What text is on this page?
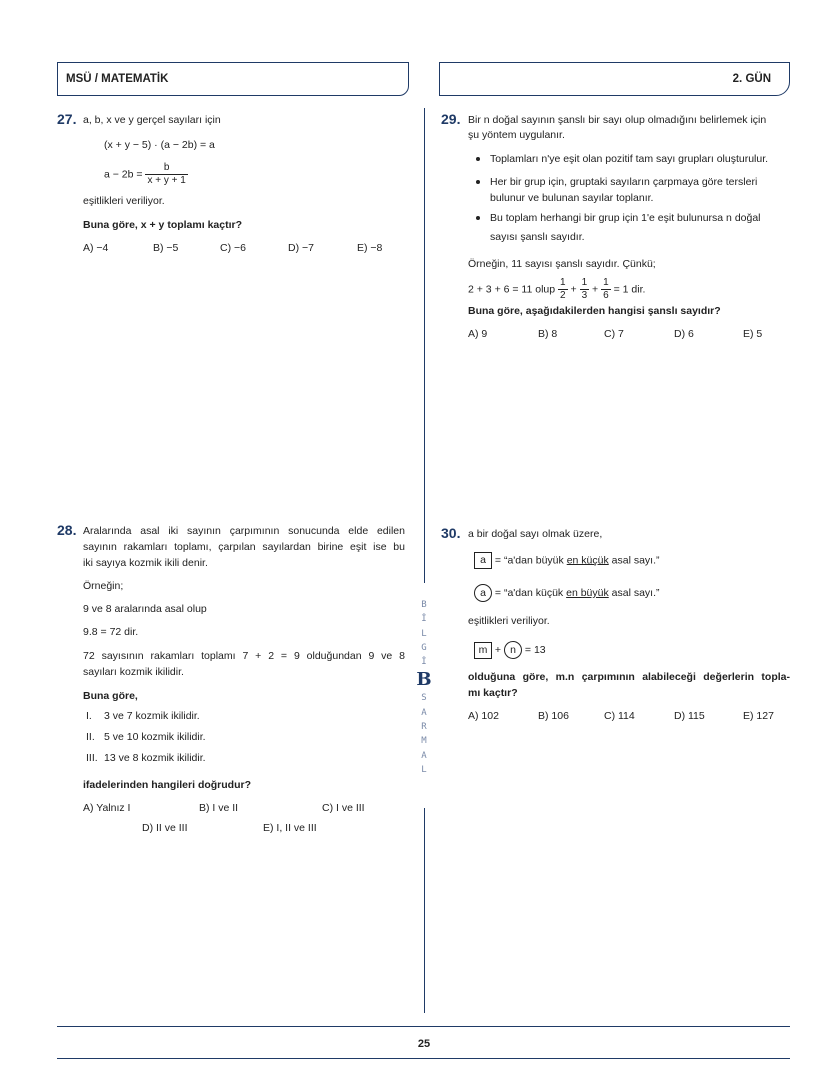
MSÜ / MATEMATİK	2. GÜN
B
İ
L
G
İ
B
S
A
R
M
A
L
27. a, b, x ve y gerçel sayıları için
(x + y − 5) · (a − 2b) = a
$a - 2b = \frac{b}{x + y + 1}$
eşitlikleri veriliyor.
Buna göre, x + y toplamı kaçtır?
A) −4	B) −5	C) −6	D) −7	E) −8
28. Aralarında asal iki sayının çarpımının sonucunda elde edilen
sayının rakamları toplamı, çarpılan sayılardan birine eşit ise bu
iki sayıya kozmik ikili denir.
Örneğin;
9 ve 8 aralarında asal olup
9.8 = 72 dir.
72 sayısının rakamları toplamı 7 + 2 = 9 olduğundan 9 ve 8
sayıları kozmik ikilidir.
Buna göre,
I. 3 ve 7 kozmik ikilidir.
II. 5 ve 10 kozmik ikilidir.
III. 13 ve 8 kozmik ikilidir.
ifadelerinden hangileri doğrudur?
A) Yalnız I	B) I ve II	C) I ve III
D) II ve III	E) I, II ve III
29. Bir n doğal sayının şanslı bir sayı olup olmadığını belirlemek için
şu yöntem uygulanır.
Toplamları n'ye eşit olan pozitif tam sayı grupları oluşturulur.
Her bir grup için, gruptaki sayıların çarpmaya göre tersleri
bulunur ve bulunan sayılar toplanır.
Bu toplam herhangi bir grup için 1'e eşit bulunursa n doğal
sayısı şanslı sayıdır.
Örneğin, 11 sayısı şanslı sayıdır. Çünkü;
2 + 3 + 6 = 11 olup $\frac{1}{2} + \frac{1}{3} + \frac{1}{6} = 1$ dir.
Buna göre, aşağıdakilerden hangisi şanslı sayıdır?
A) 9	B) 8	C) 7	D) 6	E) 5
30. a bir doğal sayı olmak üzere,
a = “a'dan büyük en küçük asal sayı.”
a = “a'dan küçük en büyük asal sayı.”
eşitlikleri veriliyor.
m + n = 13
olduğuna göre, m.n çarpımının alabileceği değerlerin topla-
mı kaçtır?
A) 102	B) 106	C) 114	D) 115	E) 127
25
